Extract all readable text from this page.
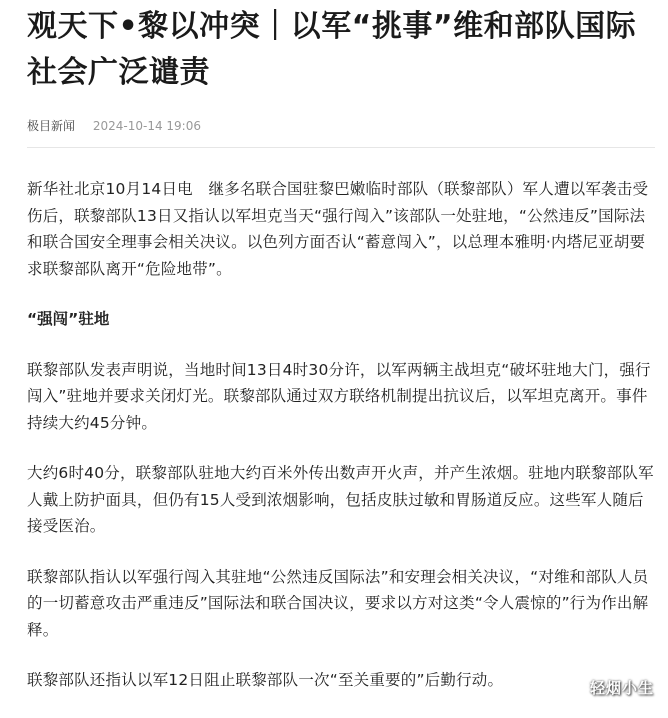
观天下•黎以冲突｜以军“挑事”维和部队国际社会广泛谴责
极目新闻 2024-10-14 19:06

新华社北京10月14日电　继多名联合国驻黎巴嫩临时部队（联黎部队）军人遭以军袭击受伤后，联黎部队13日又指认以军坦克当天“强行闯入”该部队一处驻地，“公然违反”国际法和联合国安全理事会相关决议。以色列方面否认“蓄意闯入”，以总理本雅明·内塔尼亚胡要求联黎部队离开“危险地带”。

“强闯”驻地

联黎部队发表声明说，当地时间13日4时30分许，以军两辆主战坦克“破坏驻地大门，强行闯入”驻地并要求关闭灯光。联黎部队通过双方联络机制提出抗议后，以军坦克离开。事件持续大约45分钟。

大约6时40分，联黎部队驻地大约百米外传出数声开火声，并产生浓烟。驻地内联黎部队军人戴上防护面具，但仍有15人受到浓烟影响，包括皮肤过敏和胃肠道反应。这些军人随后接受医治。

联黎部队指认以军强行闯入其驻地“公然违反国际法”和安理会相关决议，“对维和部队人员的一切蓄意攻击严重违反”国际法和联合国决议，要求以方对这类“令人震惊的”行为作出解释。

联黎部队还指认以军12日阻止联黎部队一次“至关重要的”后勤行动。	轻烟小生
